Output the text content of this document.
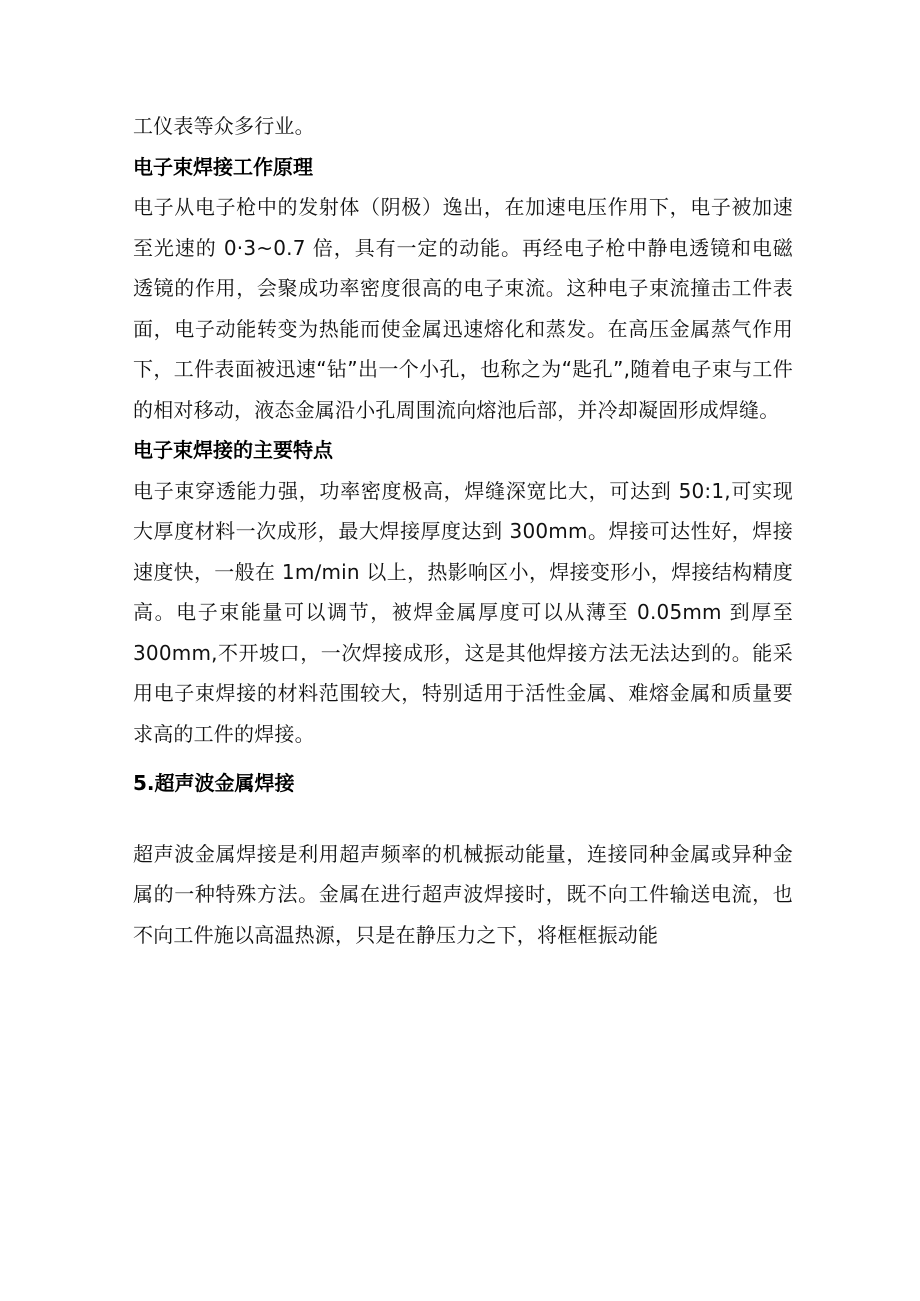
工仪表等众多行业。

电子束焊接工作原理

电子从电子枪中的发射体（阴极）逸出，在加速电压作用下，电子被加速至光速的 0·3~0.7 倍，具有一定的动能。再经电子枪中静电透镜和电磁透镜的作用，会聚成功率密度很高的电子束流。这种电子束流撞击工件表面，电子动能转变为热能而使金属迅速熔化和蒸发。在高压金属蒸气作用下，工件表面被迅速“钻”出一个小孔，也称之为“匙孔”,随着电子束与工件的相对移动，液态金属沿小孔周围流向熔池后部，并冷却凝固形成焊缝。

电子束焊接的主要特点

电子束穿透能力强，功率密度极高，焊缝深宽比大，可达到 50:1,可实现大厚度材料一次成形，最大焊接厚度达到 300mm。焊接可达性好，焊接速度快，一般在 1m∕min 以上，热影响区小，焊接变形小，焊接结构精度高。电子束能量可以调节，被焊金属厚度可以从薄至 0.05mm 到厚至 300mm,不开坡口，一次焊接成形，这是其他焊接方法无法达到的。能采用电子束焊接的材料范围较大，特别适用于活性金属、难熔金属和质量要求高的工件的焊接。

5.超声波金属焊接

超声波金属焊接是利用超声频率的机械振动能量，连接同种金属或异种金属的一种特殊方法。金属在进行超声波焊接时，既不向工件输送电流，也不向工件施以高温热源，只是在静压力之下，将框框振动能
